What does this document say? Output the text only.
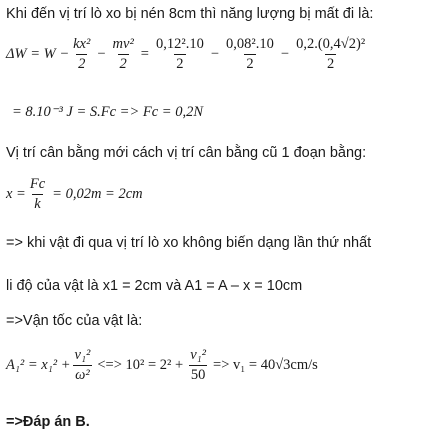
Khi đến vị trí lò xo bị nén 8cm thì năng lượng bị mất đi là:
$\Delta W = W - \frac{\text{kx²}}{2} - \frac{\text{mv²}}{2} = \frac{\text{0,12².10}}{2} - \frac{\text{0,08².10}}{2} - \frac{\text{0,2.(0,4√2)²}}{2}$
= 8.10⁻³ J = S.Fc => Fc = 0,2N
Vị trí cân bằng mới cách vị trí cân bằng cũ 1 đoạn bằng:
$x = \frac{Fc}{k} = 0,02m = 2cm$
=> khi vật đi qua vị trí lò xo không biến dạng lần thứ nhất
li độ của vật là x1 = 2cm và A1 = A – x = 10cm
=>Vận tốc của vật là:
$A_1^2 = x_1^2 + \frac{\text{v₁²}}{\text{ω²}}$ <=> $10^2 = 2^2 + \frac{\text{v₁²}}{50} => v_1 = 40√3cm/s$
=>Đáp án B.
